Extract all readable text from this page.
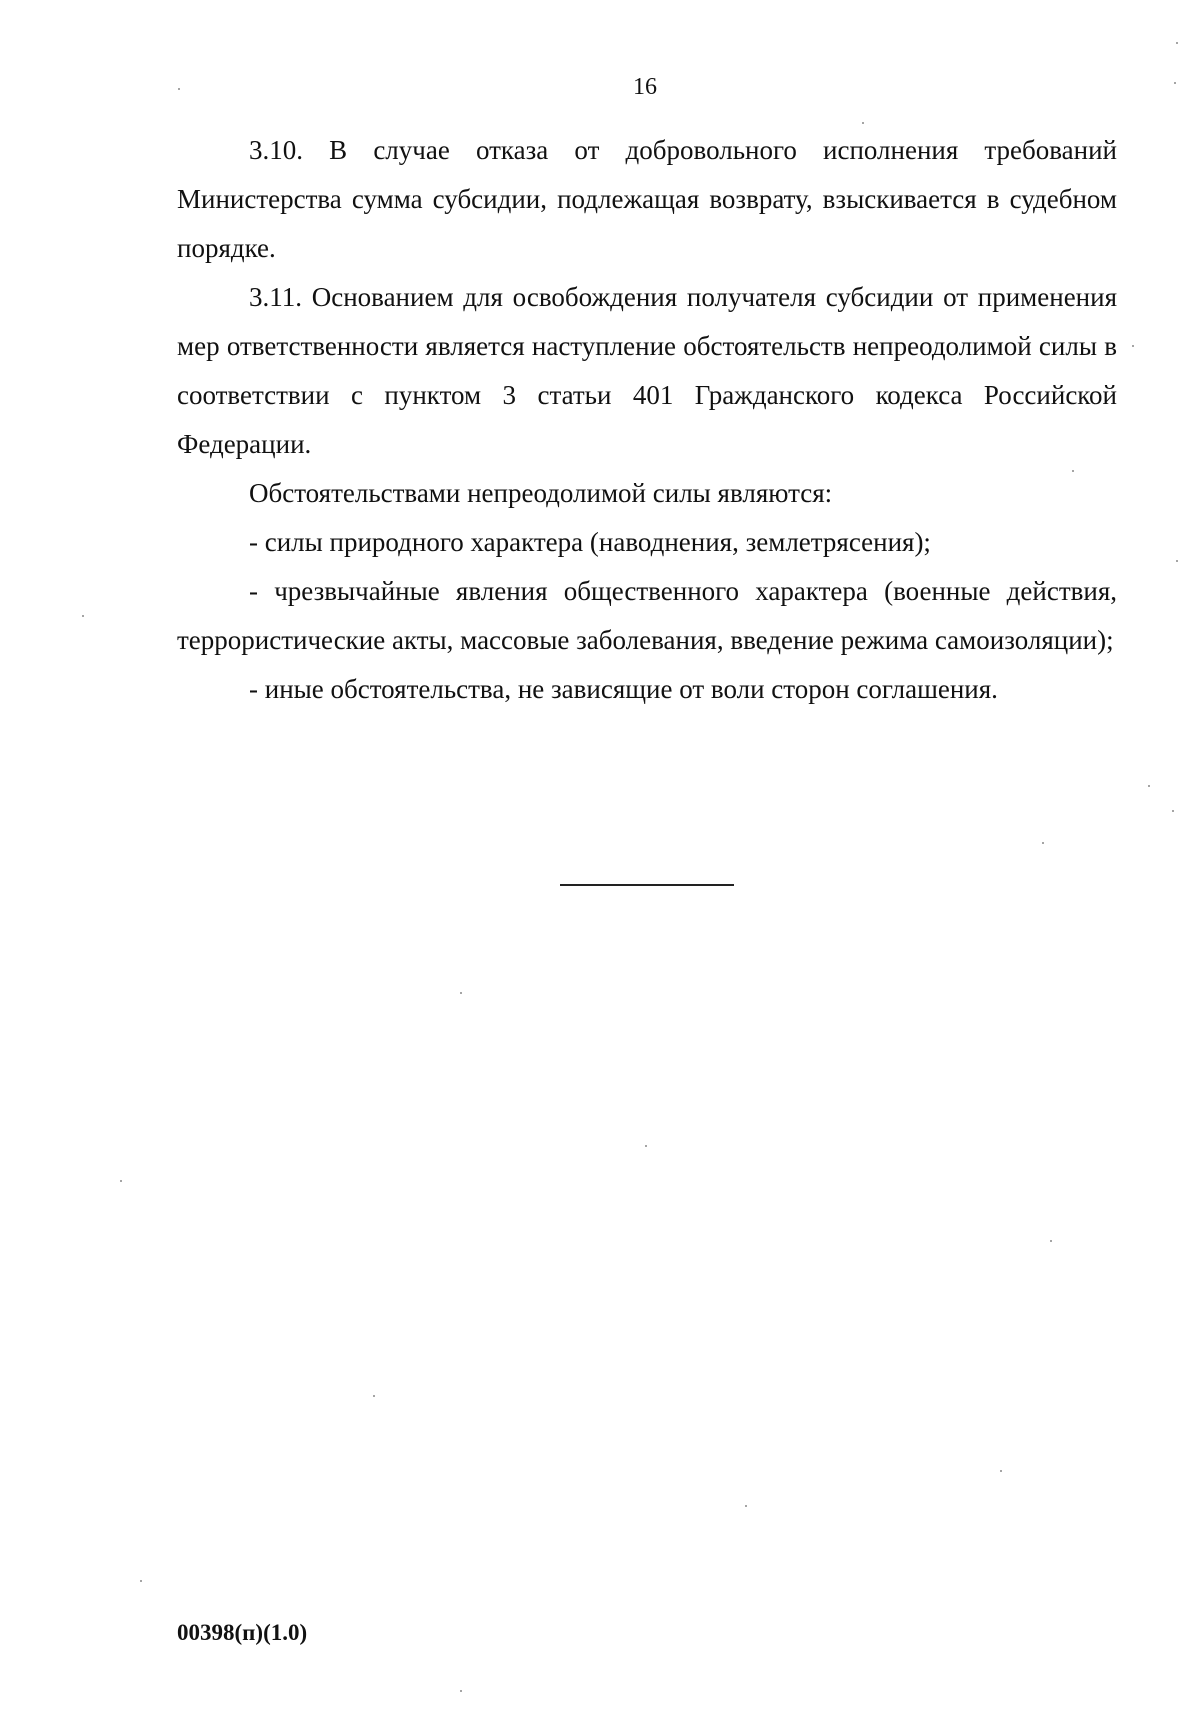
16

3.10. В случае отказа от добровольного исполнения требований Министерства сумма субсидии, подлежащая возврату, взыскивается в судебном порядке.

3.11. Основанием для освобождения получателя субсидии от применения мер ответственности является наступление обстоятельств непреодолимой силы в соответствии с пунктом 3 статьи 401 Гражданского кодекса Российской Федерации.

Обстоятельствами непреодолимой силы являются:

- силы природного характера (наводнения, землетрясения);

- чрезвычайные явления общественного характера (военные действия, террористические акты, массовые заболевания, введение режима самоизоляции);

- иные обстоятельства, не зависящие от воли сторон соглашения.

00398(п)(1.0)
